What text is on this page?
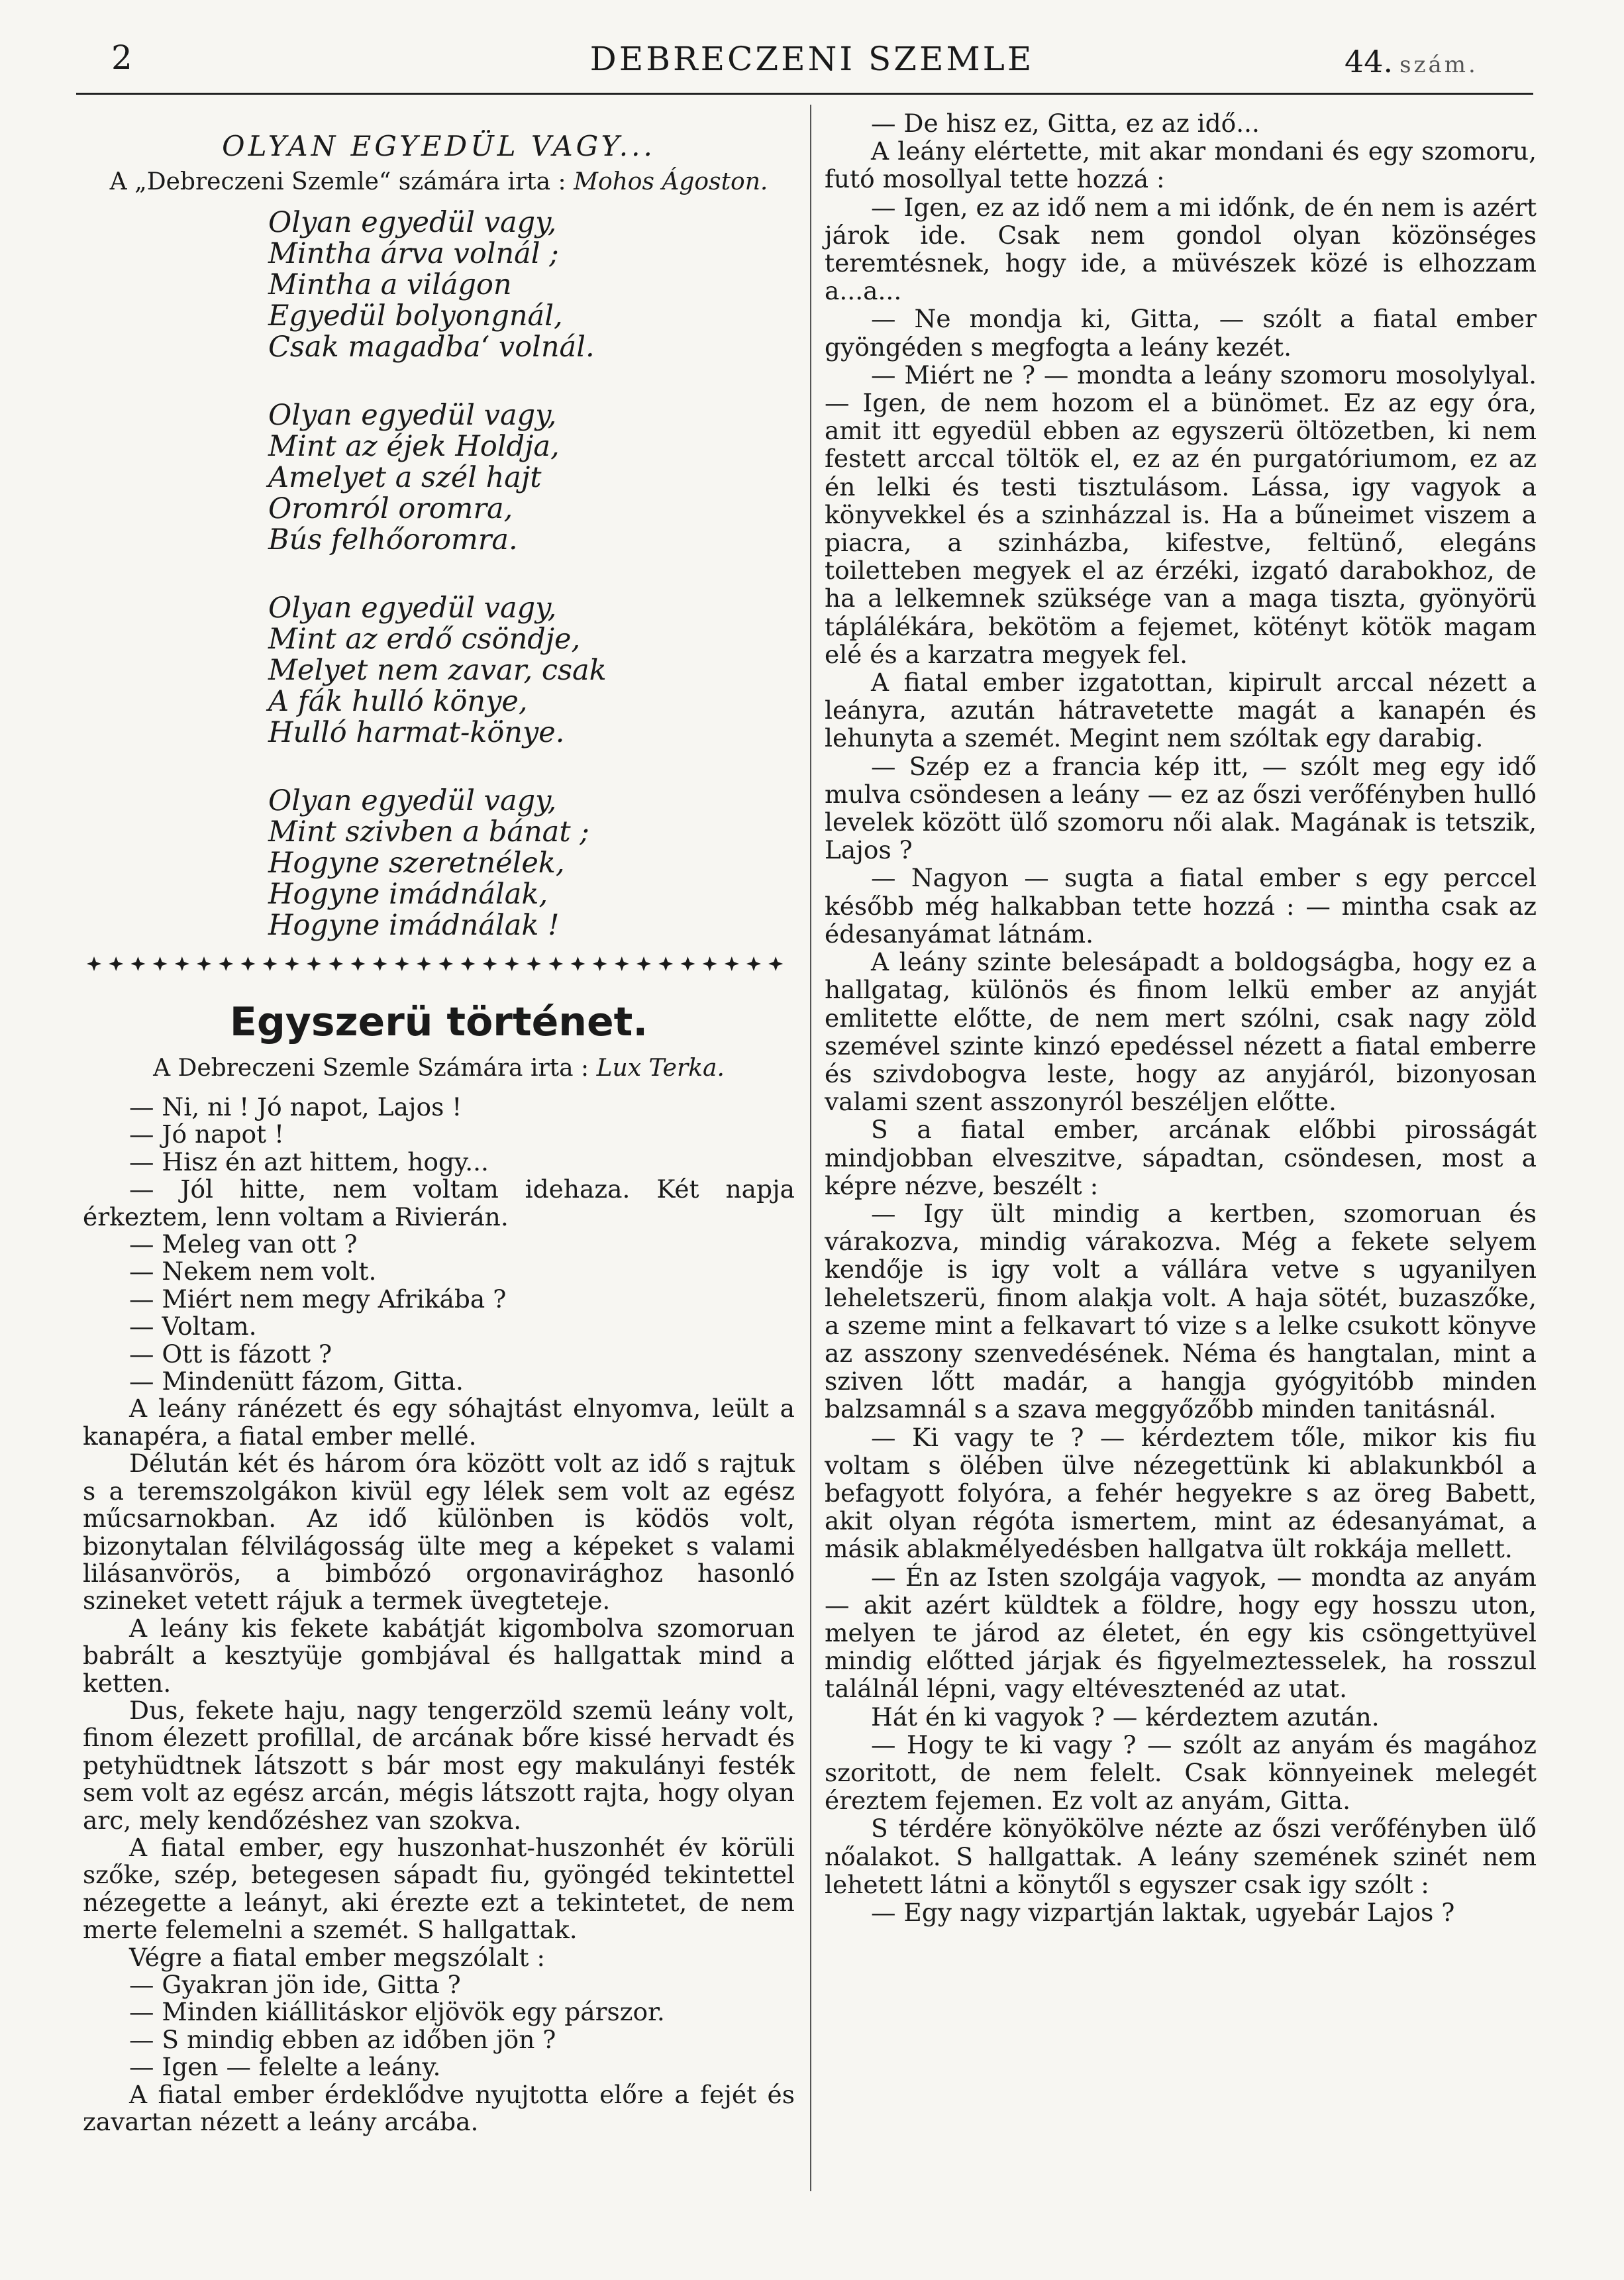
2	DEBRECZENI SZEMLE	44. szám.
OLYAN EGYEDÜL VAGY...
A „Debreczeni Szemle“ számára irta : Mohos Ágoston.
Olyan egyedül vagy,
Mintha árva volnál ;
Mintha a világon
Egyedül bolyongnál,
Csak magadba‘ volnál.
Olyan egyedül vagy,
Mint az éjek Holdja,
Amelyet a szél hajt
Oromról oromra,
Bús felhőoromra.
Olyan egyedül vagy,
Mint az erdő csöndje,
Melyet nem zavar, csak
A fák hulló könye,
Hulló harmat-könye.
Olyan egyedül vagy,
Mint szivben a bánat ;
Hogyne szeretnélek,
Hogyne imádnálak,
Hogyne imádnálak !
Egyszerü történet.
A Debreczeni Szemle Számára irta : Lux Terka.

— Ni, ni ! Jó napot, Lajos !

— Jó napot !

— Hisz én azt hittem, hogy...

— Jól hitte, nem voltam idehaza. Két napja érkeztem, lenn voltam a Rivierán.

— Meleg van ott ?

— Nekem nem volt.

— Miért nem megy Afrikába ?

— Voltam.

— Ott is fázott ?

— Mindenütt fázom, Gitta.

A leány ránézett és egy sóhajtást elnyomva, leült a kanapéra, a fiatal ember mellé.

Délután két és három óra között volt az idő s rajtuk s a teremszolgákon kivül egy lélek sem volt az egész műcsarnokban. Az idő különben is ködös volt, bizonytalan félvilágosság ülte meg a képeket s valami lilásanvörös, a bimbózó orgonavirághoz hasonló szineket vetett rájuk a termek üvegteteje.

A leány kis fekete kabátját kigombolva szomoruan babrált a kesztyüje gombjával és hallgattak mind a ketten.

Dus, fekete haju, nagy tengerzöld szemü leány volt, finom élezett profillal, de arcának bőre kissé hervadt és petyhüdtnek látszott s bár most egy makulányi festék sem volt az egész arcán, mégis látszott rajta, hogy olyan arc, mely kendőzéshez van szokva.

A fiatal ember, egy huszonhat-huszonhét év körüli szőke, szép, betegesen sápadt fiu, gyöngéd tekintettel nézegette a leányt, aki érezte ezt a tekintetet, de nem merte felemelni a szemét. S hallgattak.

Végre a fiatal ember megszólalt :

— Gyakran jön ide, Gitta ?

— Minden kiállitáskor eljövök egy párszor.

— S mindig ebben az időben jön ?

— Igen — felelte a leány.

A fiatal ember érdeklődve nyujtotta előre a fejét és zavartan nézett a leány arcába.

— De hisz ez, Gitta, ez az idő...

A leány elértette, mit akar mondani és egy szomoru, futó mosollyal tette hozzá :

— Igen, ez az idő nem a mi időnk, de én nem is azért járok ide. Csak nem gondol olyan közönséges teremtésnek, hogy ide, a müvészek közé is elhozzam a...a...

— Ne mondja ki, Gitta, — szólt a fiatal ember gyöngéden s megfogta a leány kezét.

— Miért ne ? — mondta a leány szomoru mosolylyal. — Igen, de nem hozom el a bünömet. Ez az egy óra, amit itt egyedül ebben az egyszerü öltözetben, ki nem festett arccal töltök el, ez az én purgatóriumom, ez az én lelki és testi tisztulásom. Lássa, igy vagyok a könyvekkel és a szinházzal is. Ha a bűneimet viszem a piacra, a szinházba, kifestve, feltünő, elegáns toiletteben megyek el az érzéki, izgató darabokhoz, de ha a lelkemnek szüksége van a maga tiszta, gyönyörü táplálékára, bekötöm a fejemet, kötényt kötök magam elé és a karzatra megyek fel.

A fiatal ember izgatottan, kipirult arccal nézett a leányra, azután hátravetette magát a kanapén és lehunyta a szemét. Megint nem szóltak egy darabig.

— Szép ez a francia kép itt, — szólt meg egy idő mulva csöndesen a leány — ez az őszi verőfényben hulló levelek között ülő szomoru női alak. Magának is tetszik, Lajos ?

— Nagyon — sugta a fiatal ember s egy perccel később még halkabban tette hozzá : — mintha csak az édesanyámat látnám.

A leány szinte belesápadt a boldogságba, hogy ez a hallgatag, különös és finom lelkü ember az anyját emlitette előtte, de nem mert szólni, csak nagy zöld szemével szinte kinzó epedéssel nézett a fiatal emberre és szivdobogva leste, hogy az anyjáról, bizonyosan valami szent asszonyról beszéljen előtte.

S a fiatal ember, arcának előbbi pirosságát mindjobban elveszitve, sápadtan, csöndesen, most a képre nézve, beszélt :

— Igy ült mindig a kertben, szomoruan és várakozva, mindig várakozva. Még a fekete selyem kendője is igy volt a vállára vetve s ugyanilyen leheletszerü, finom alakja volt. A haja sötét, buzaszőke, a szeme mint a felkavart tó vize s a lelke csukott könyve az asszony szenvedésének. Néma és hangtalan, mint a sziven lőtt madár, a hangja gyógyitóbb minden balzsamnál s a szava meggyőzőbb minden tanitásnál.

— Ki vagy te ? — kérdeztem tőle, mikor kis fiu voltam s ölében ülve nézegettünk ki ablakunkból a befagyott folyóra, a fehér hegyekre s az öreg Babett, akit olyan régóta ismertem, mint az édesanyámat, a másik ablakmélyedésben hallgatva ült rokkája mellett.

— Én az Isten szolgája vagyok, — mondta az anyám — akit azért küldtek a földre, hogy egy hosszu uton, melyen te járod az életet, én egy kis csöngettyüvel mindig előtted járjak és figyelmeztesselek, ha rosszul találnál lépni, vagy eltévesztenéd az utat.

Hát én ki vagyok ? — kérdeztem azután.

— Hogy te ki vagy ? — szólt az anyám és magához szoritott, de nem felelt. Csak könnyeinek melegét éreztem fejemen. Ez volt az anyám, Gitta.

S térdére könyökölve nézte az őszi verőfényben ülő nőalakot. S hallgattak. A leány szemének szinét nem lehetett látni a könytől s egyszer csak igy szólt :

— Egy nagy vizpartján laktak, ugyebár Lajos ?
